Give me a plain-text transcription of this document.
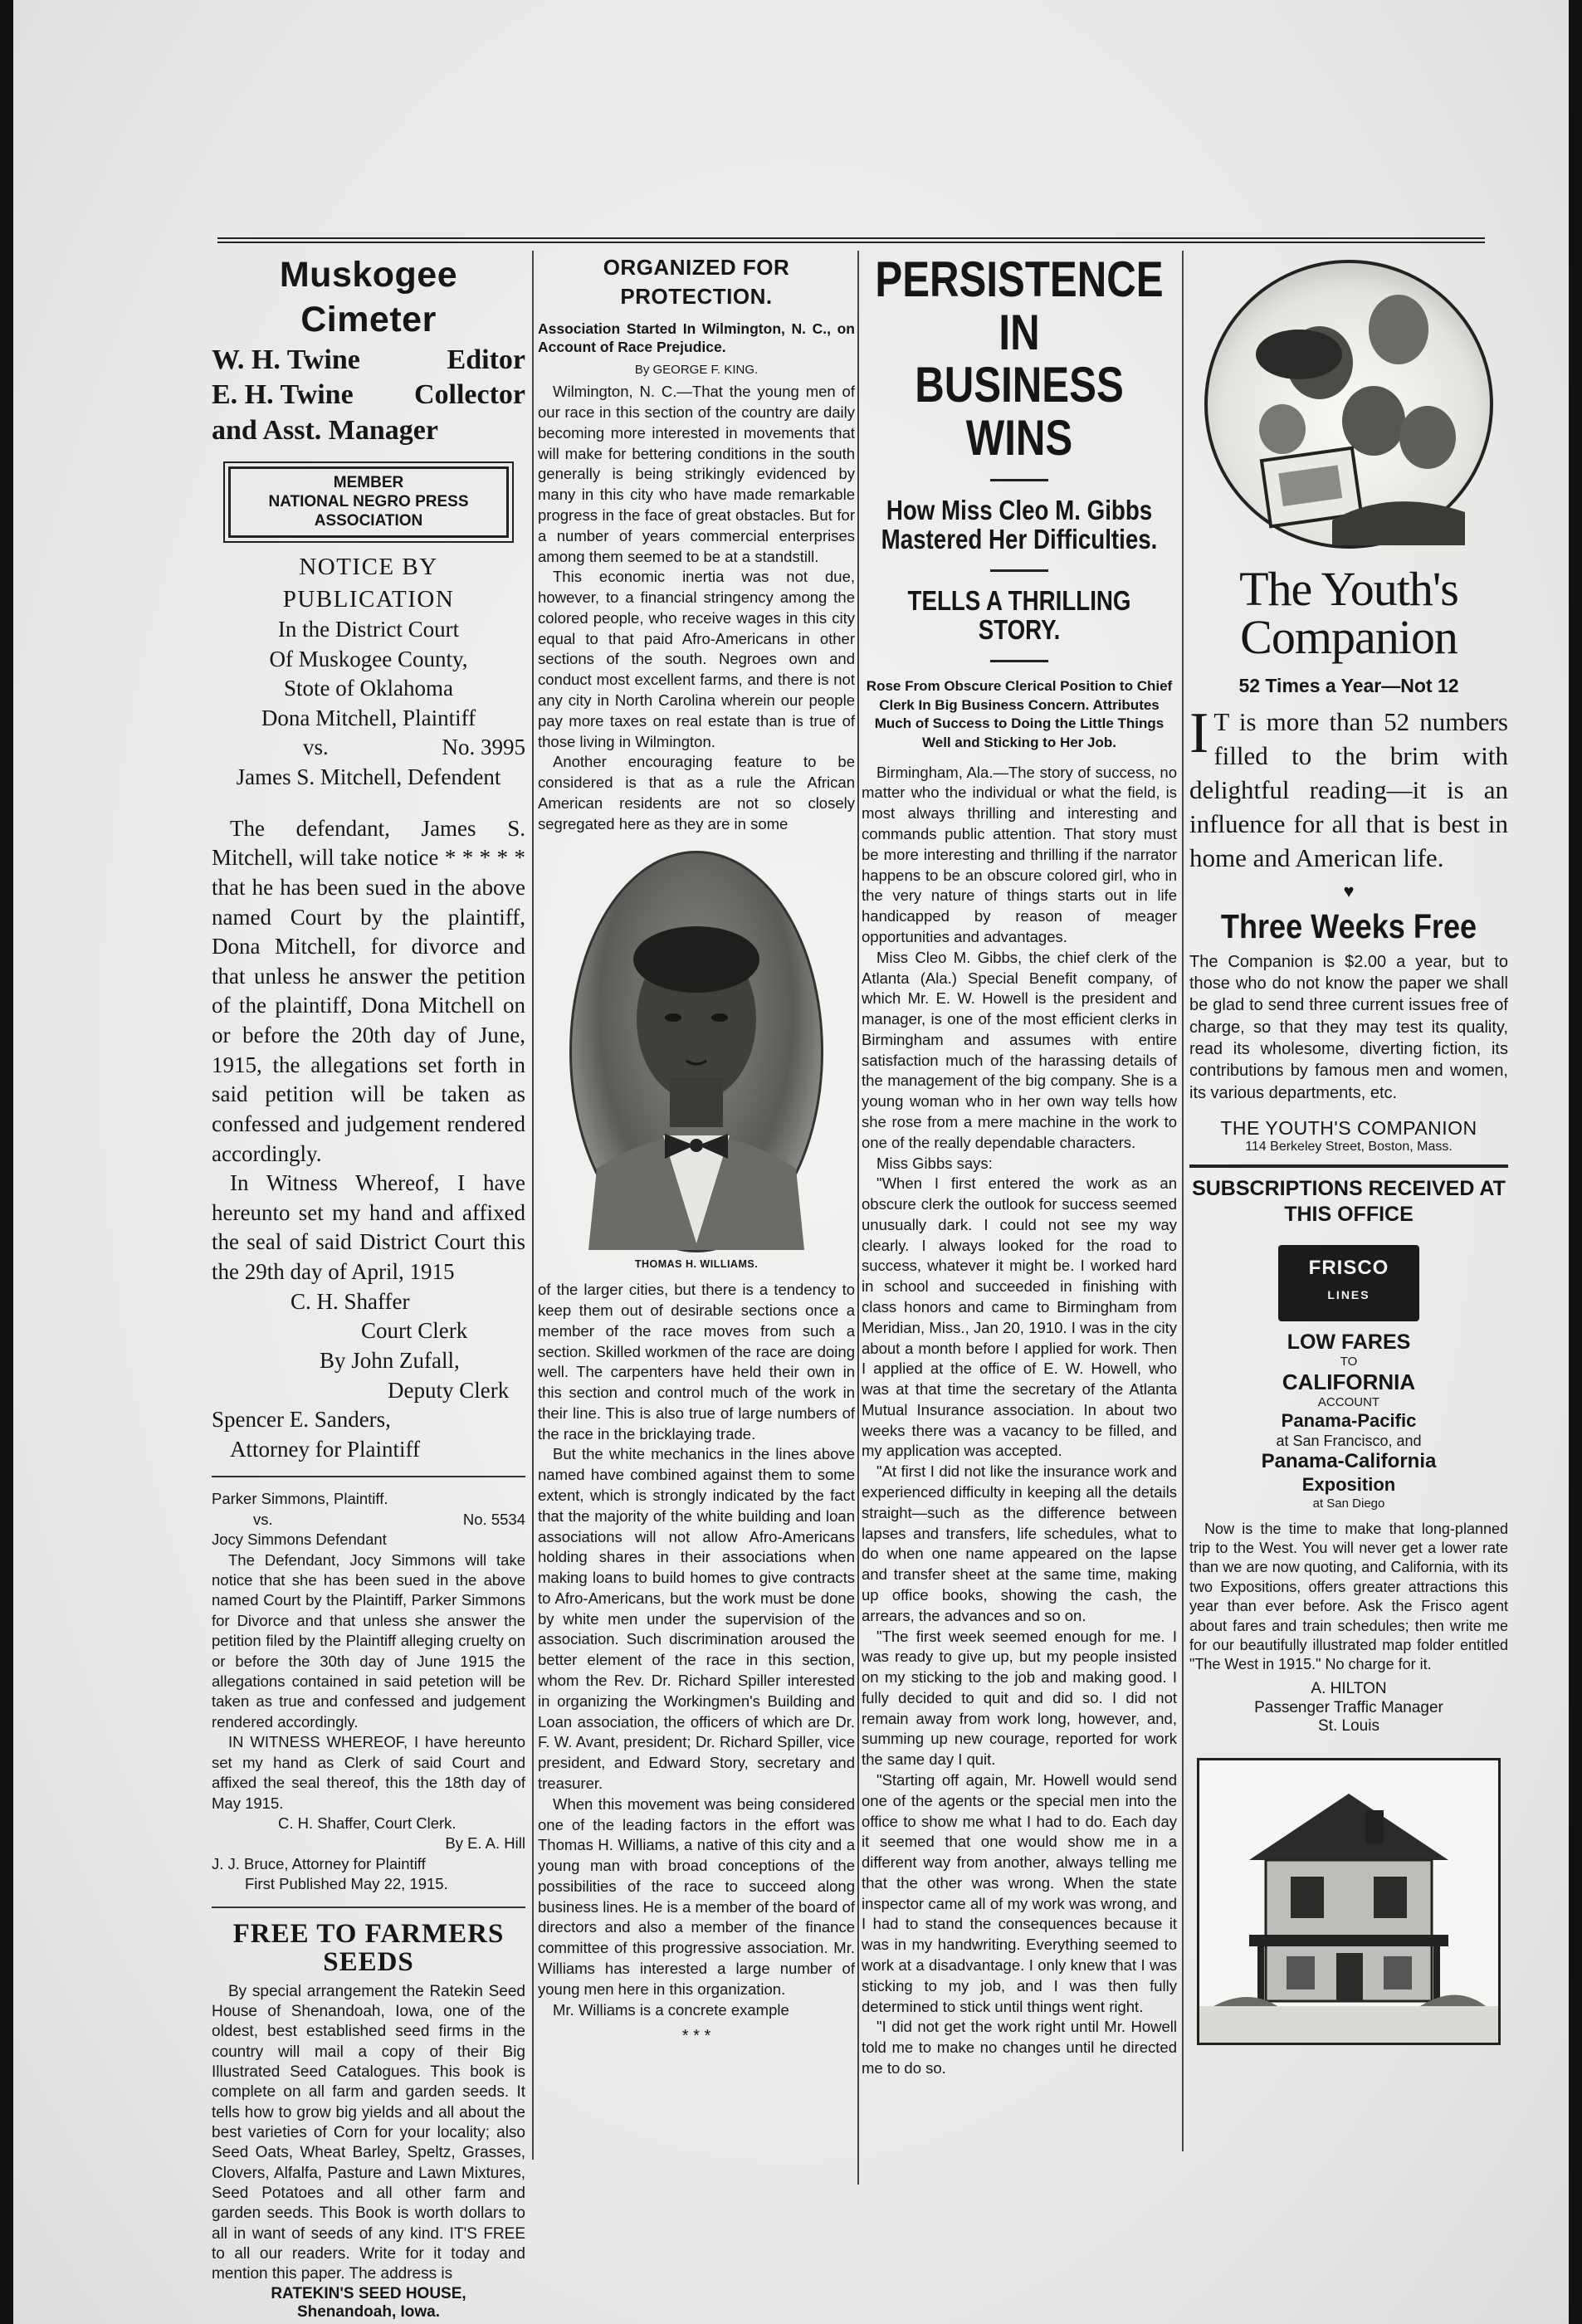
Muskogee Cimeter
W. H. Twine	Editor
E. H. Twine Collector
and Asst. Manager
MEMBER
NATIONAL NEGRO PRESS
ASSOCIATION

NOTICE BY PUBLICATION

In the District Court

Of Muskogee County,

Stote of Oklahoma

Dona Mitchell, Plaintiff

vs.	No. 3995

James S. Mitchell, Defendent

The defendant, James S. Mitchell, will take notice * * * * * that he has been sued in the above named Court by the plaintiff, Dona Mitchell, for divorce and that unless he answer the petition of the plaintiff, Dona Mitchell on or before the 20th day of June, 1915, the allegations set forth in said petition will be taken as confessed and judgement rendered accordingly.

In Witness Whereof, I have hereunto set my hand and affixed the seal of said District Court this the 29th day of April, 1915

C. H. Shaffer

Court Clerk

By John Zufall,

Deputy Clerk

Spencer E. Sanders,

Attorney for Plaintiff

Parker Simmons, Plaintiff.

vs.	No. 5534

Jocy Simmons Defendant

The Defendant, Jocy Simmons will take notice that she has been sued in the above named Court by the Plaintiff, Parker Simmons for Divorce and that unless she answer the petition filed by the Plaintiff alleging cruelty on or before the 30th day of June 1915 the allegations contained in said petetion will be taken as true and confessed and judgement rendered accordingly.

IN WITNESS WHEREOF, I have hereunto set my hand as Clerk of said Court and affixed the seal thereof, this the 18th day of May 1915.

C. H. Shaffer, Court Clerk.

By E. A. Hill

J. J. Bruce, Attorney for Plaintiff

First Published May 22, 1915.

FREE TO FARMERS
SEEDS

By special arrangement the Ratekin Seed House of Shenandoah, Iowa, one of the oldest, best established seed firms in the country will mail a copy of their Big Illustrated Seed Catalogues. This book is complete on all farm and garden seeds. It tells how to grow big yields and all about the best varieties of Corn for your locality; also Seed Oats, Wheat Barley, Speltz, Grasses, Clovers, Alfalfa, Pasture and Lawn Mixtures, Seed Potatoes and all other farm and garden seeds. This Book is worth dollars to all in want of seeds of any kind. IT'S FREE to all our readers. Write for it today and mention this paper. The address is

RATEKIN'S SEED HOUSE,

Shenandoah, Iowa.

ORGANIZED FOR PROTECTION.

Association Started In Wilmington, N. C., on Account of Race Prejudice.

By GEORGE F. KING.

Wilmington, N. C.—That the young men of our race in this section of the country are daily becoming more interested in movements that will make for bettering conditions in the south generally is being strikingly evidenced by many in this city who have made remarkable progress in the face of great obstacles. But for a number of years commercial enterprises among them seemed to be at a standstill.

This economic inertia was not due, however, to a financial stringency among the colored people, who receive wages in this city equal to that paid Afro-Americans in other sections of the south. Negroes own and conduct most excellent farms, and there is not any city in North Carolina wherein our people pay more taxes on real estate than is true of those living in Wilmington.

Another encouraging feature to be considered is that as a rule the African American residents are not so closely segregated here as they are in some

THOMAS H. WILLIAMS.

of the larger cities, but there is a tendency to keep them out of desirable sections once a member of the race moves from such a section. Skilled workmen of the race are doing well. The carpenters have held their own in this section and control much of the work in their line. This is also true of large numbers of the race in the bricklaying trade.

But the white mechanics in the lines above named have combined against them to some extent, which is strongly indicated by the fact that the majority of the white building and loan associations will not allow Afro-Americans holding shares in their associations when making loans to build homes to give contracts to Afro-Americans, but the work must be done by white men under the supervision of the association. Such discrimination aroused the better element of the race in this section, whom the Rev. Dr. Richard Spiller interested in organizing the Workingmen's Building and Loan association, the officers of which are Dr. F. W. Avant, president; Dr. Richard Spiller, vice president, and Edward Story, secretary and treasurer.

When this movement was being considered one of the leading factors in the effort was Thomas H. Williams, a native of this city and a young man with broad conceptions of the possibilities of the race to succeed along business lines. He is a member of the board of directors and also a member of the finance committee of this progressive association. Mr. Williams has interested a large number of young men here in this organization.

Mr. Williams is a concrete example

* * *

PERSISTENCE IN
BUSINESS WINS
How Miss Cleo M. Gibbs Mastered Her Difficulties.
TELLS A THRILLING STORY.

Rose From Obscure Clerical Position to Chief Clerk In Big Business Concern. Attributes Much of Success to Doing the Little Things Well and Sticking to Her Job.

Birmingham, Ala.—The story of success, no matter who the individual or what the field, is most always thrilling and interesting and commands public attention. That story must be more interesting and thrilling if the narrator happens to be an obscure colored girl, who in the very nature of things starts out in life handicapped by reason of meager opportunities and advantages.

Miss Cleo M. Gibbs, the chief clerk of the Atlanta (Ala.) Special Benefit company, of which Mr. E. W. Howell is the president and manager, is one of the most efficient clerks in Birmingham and assumes with entire satisfaction much of the harassing details of the management of the big company. She is a young woman who in her own way tells how she rose from a mere machine in the work to one of the really dependable characters.

Miss Gibbs says:

"When I first entered the work as an obscure clerk the outlook for success seemed unusually dark. I could not see my way clearly. I always looked for the road to success, whatever it might be. I worked hard in school and succeeded in finishing with class honors and came to Birmingham from Meridian, Miss., Jan 20, 1910. I was in the city about a month before I applied for work. Then I applied at the office of E. W. Howell, who was at that time the secretary of the Atlanta Mutual Insurance association. In about two weeks there was a vacancy to be filled, and my application was accepted.

"At first I did not like the insurance work and experienced difficulty in keeping all the details straight—such as the difference between lapses and transfers, life schedules, what to do when one name appeared on the lapse and transfer sheet at the same time, making up office books, showing the cash, the arrears, the advances and so on.

"The first week seemed enough for me. I was ready to give up, but my people insisted on my sticking to the job and making good. I fully decided to quit and did so. I did not remain away from work long, however, and, summing up new courage, reported for work the same day I quit.

"Starting off again, Mr. Howell would send one of the agents or the special men into the office to show me what I had to do. Each day it seemed that one would show me in a different way from another, always telling me that the other was wrong. When the state inspector came all of my work was wrong, and I had to stand the consequences because it was in my handwriting. Everything seemed to work at a disadvantage. I only knew that I was sticking to my job, and I was then fully determined to stick until things went right.

"I did not get the work right until Mr. Howell told me to make no changes until he directed me to do so.

The Youth's
Companion
52 Times a Year—Not 12
I T is more than 52 numbers filled to the brim with delightful reading—it is an influence for all that is best in home and American life.
♥
Three Weeks Free

The Companion is $2.00 a year, but to those who do not know the paper we shall be glad to send three current issues free of charge, so that they may test its quality, read its wholesome, diverting fiction, its contributions by famous men and women, its various departments, etc.

THE YOUTH'S COMPANION
114 Berkeley Street, Boston, Mass.
SUBSCRIPTIONS RECEIVED AT
THIS OFFICE
FRISCO
LINES
LOW FARES
TO
CALIFORNIA
ACCOUNT
Panama-Pacific
at San Francisco, and
Panama-California
Exposition
at San Diego

Now is the time to make that long-planned trip to the West. You will never get a lower rate than we are now quoting, and California, with its two Expositions, offers greater attractions this year than ever before. Ask the Frisco agent about fares and train schedules; then write me for our beautifully illustrated map folder entitled "The West in 1915." No charge for it.

A. HILTON
Passenger Traffic Manager
St. Louis
